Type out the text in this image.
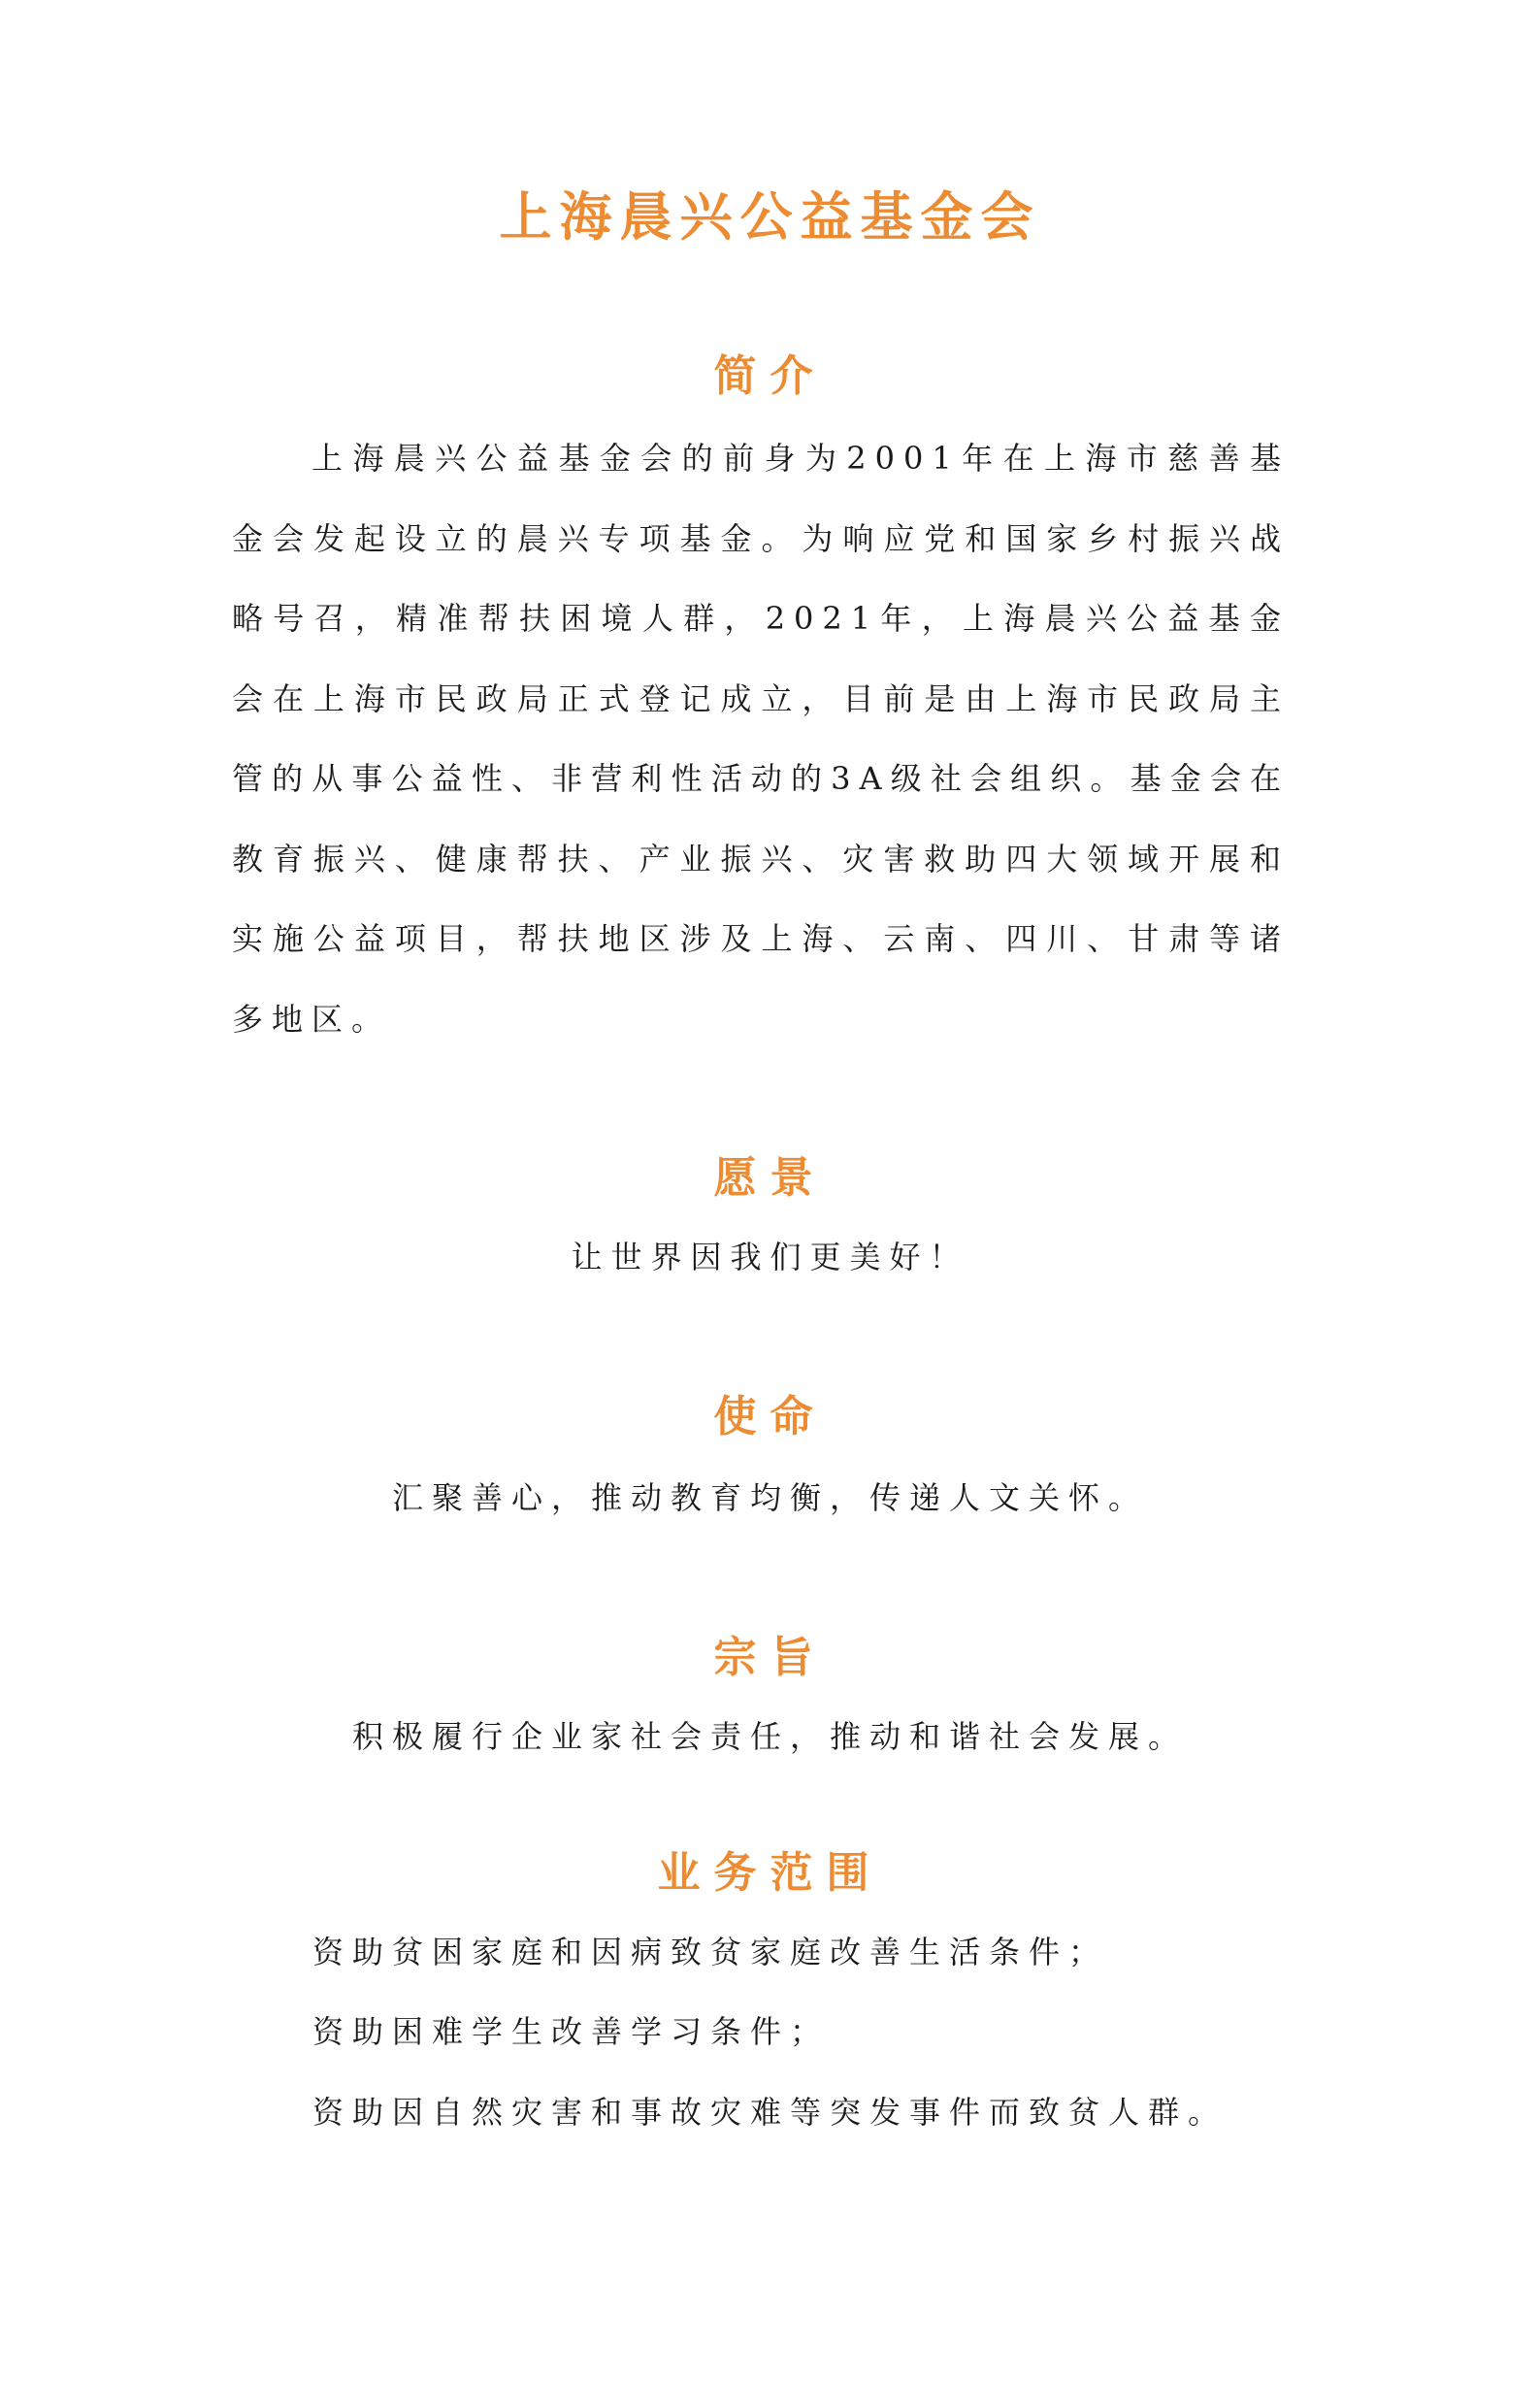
上海晨兴公益基金会
简介
上海晨兴公益基金会的前身为2001年在上海市慈善基金会发起设立的晨兴专项基金。为响应党和国家乡村振兴战略号召，精准帮扶困境人群，2021年，上海晨兴公益基金会在上海市民政局正式登记成立，目前是由上海市民政局主管的从事公益性、非营利性活动的3A级社会组织。基金会在教育振兴、健康帮扶、产业振兴、灾害救助四大领域开展和实施公益项目，帮扶地区涉及上海、云南、四川、甘肃等诸多地区。
愿景
让世界因我们更美好！
使命
汇聚善心，推动教育均衡，传递人文关怀。
宗旨
积极履行企业家社会责任，推动和谐社会发展。
业务范围
资助贫困家庭和因病致贫家庭改善生活条件；
资助困难学生改善学习条件；
资助因自然灾害和事故灾难等突发事件而致贫人群。
